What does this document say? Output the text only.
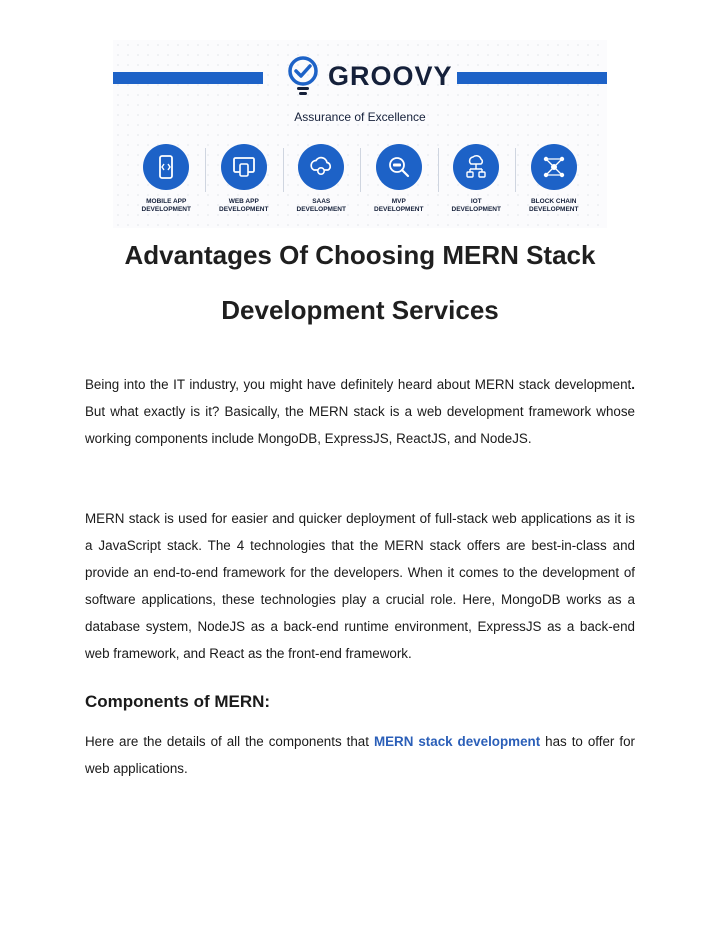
GROOVY
Assurance of Excellence
MOBILE APP
DEVELOPMENT
WEB APP
DEVELOPMENT
SAAS
DEVELOPMENT
MVP
DEVELOPMENT
IOT
DEVELOPMENT
BLOCK CHAIN
DEVELOPMENT
Advantages Of Choosing MERN Stack
Development Services

Being into the IT industry, you might have definitely heard about MERN stack development. But what exactly is it? Basically, the MERN stack is a web development framework whose working components include MongoDB, ExpressJS, ReactJS, and NodeJS.

MERN stack is used for easier and quicker deployment of full-stack web applications as it is a JavaScript stack. The 4 technologies that the MERN stack offers are best-in-class and provide an end-to-end framework for the developers. When it comes to the development of software applications, these technologies play a crucial role. Here, MongoDB works as a database system, NodeJS as a back-end runtime environment, ExpressJS as a back-end web framework, and React as the front-end framework.

Components of MERN:

Here are the details of all the components that MERN stack development has to offer for web applications.
